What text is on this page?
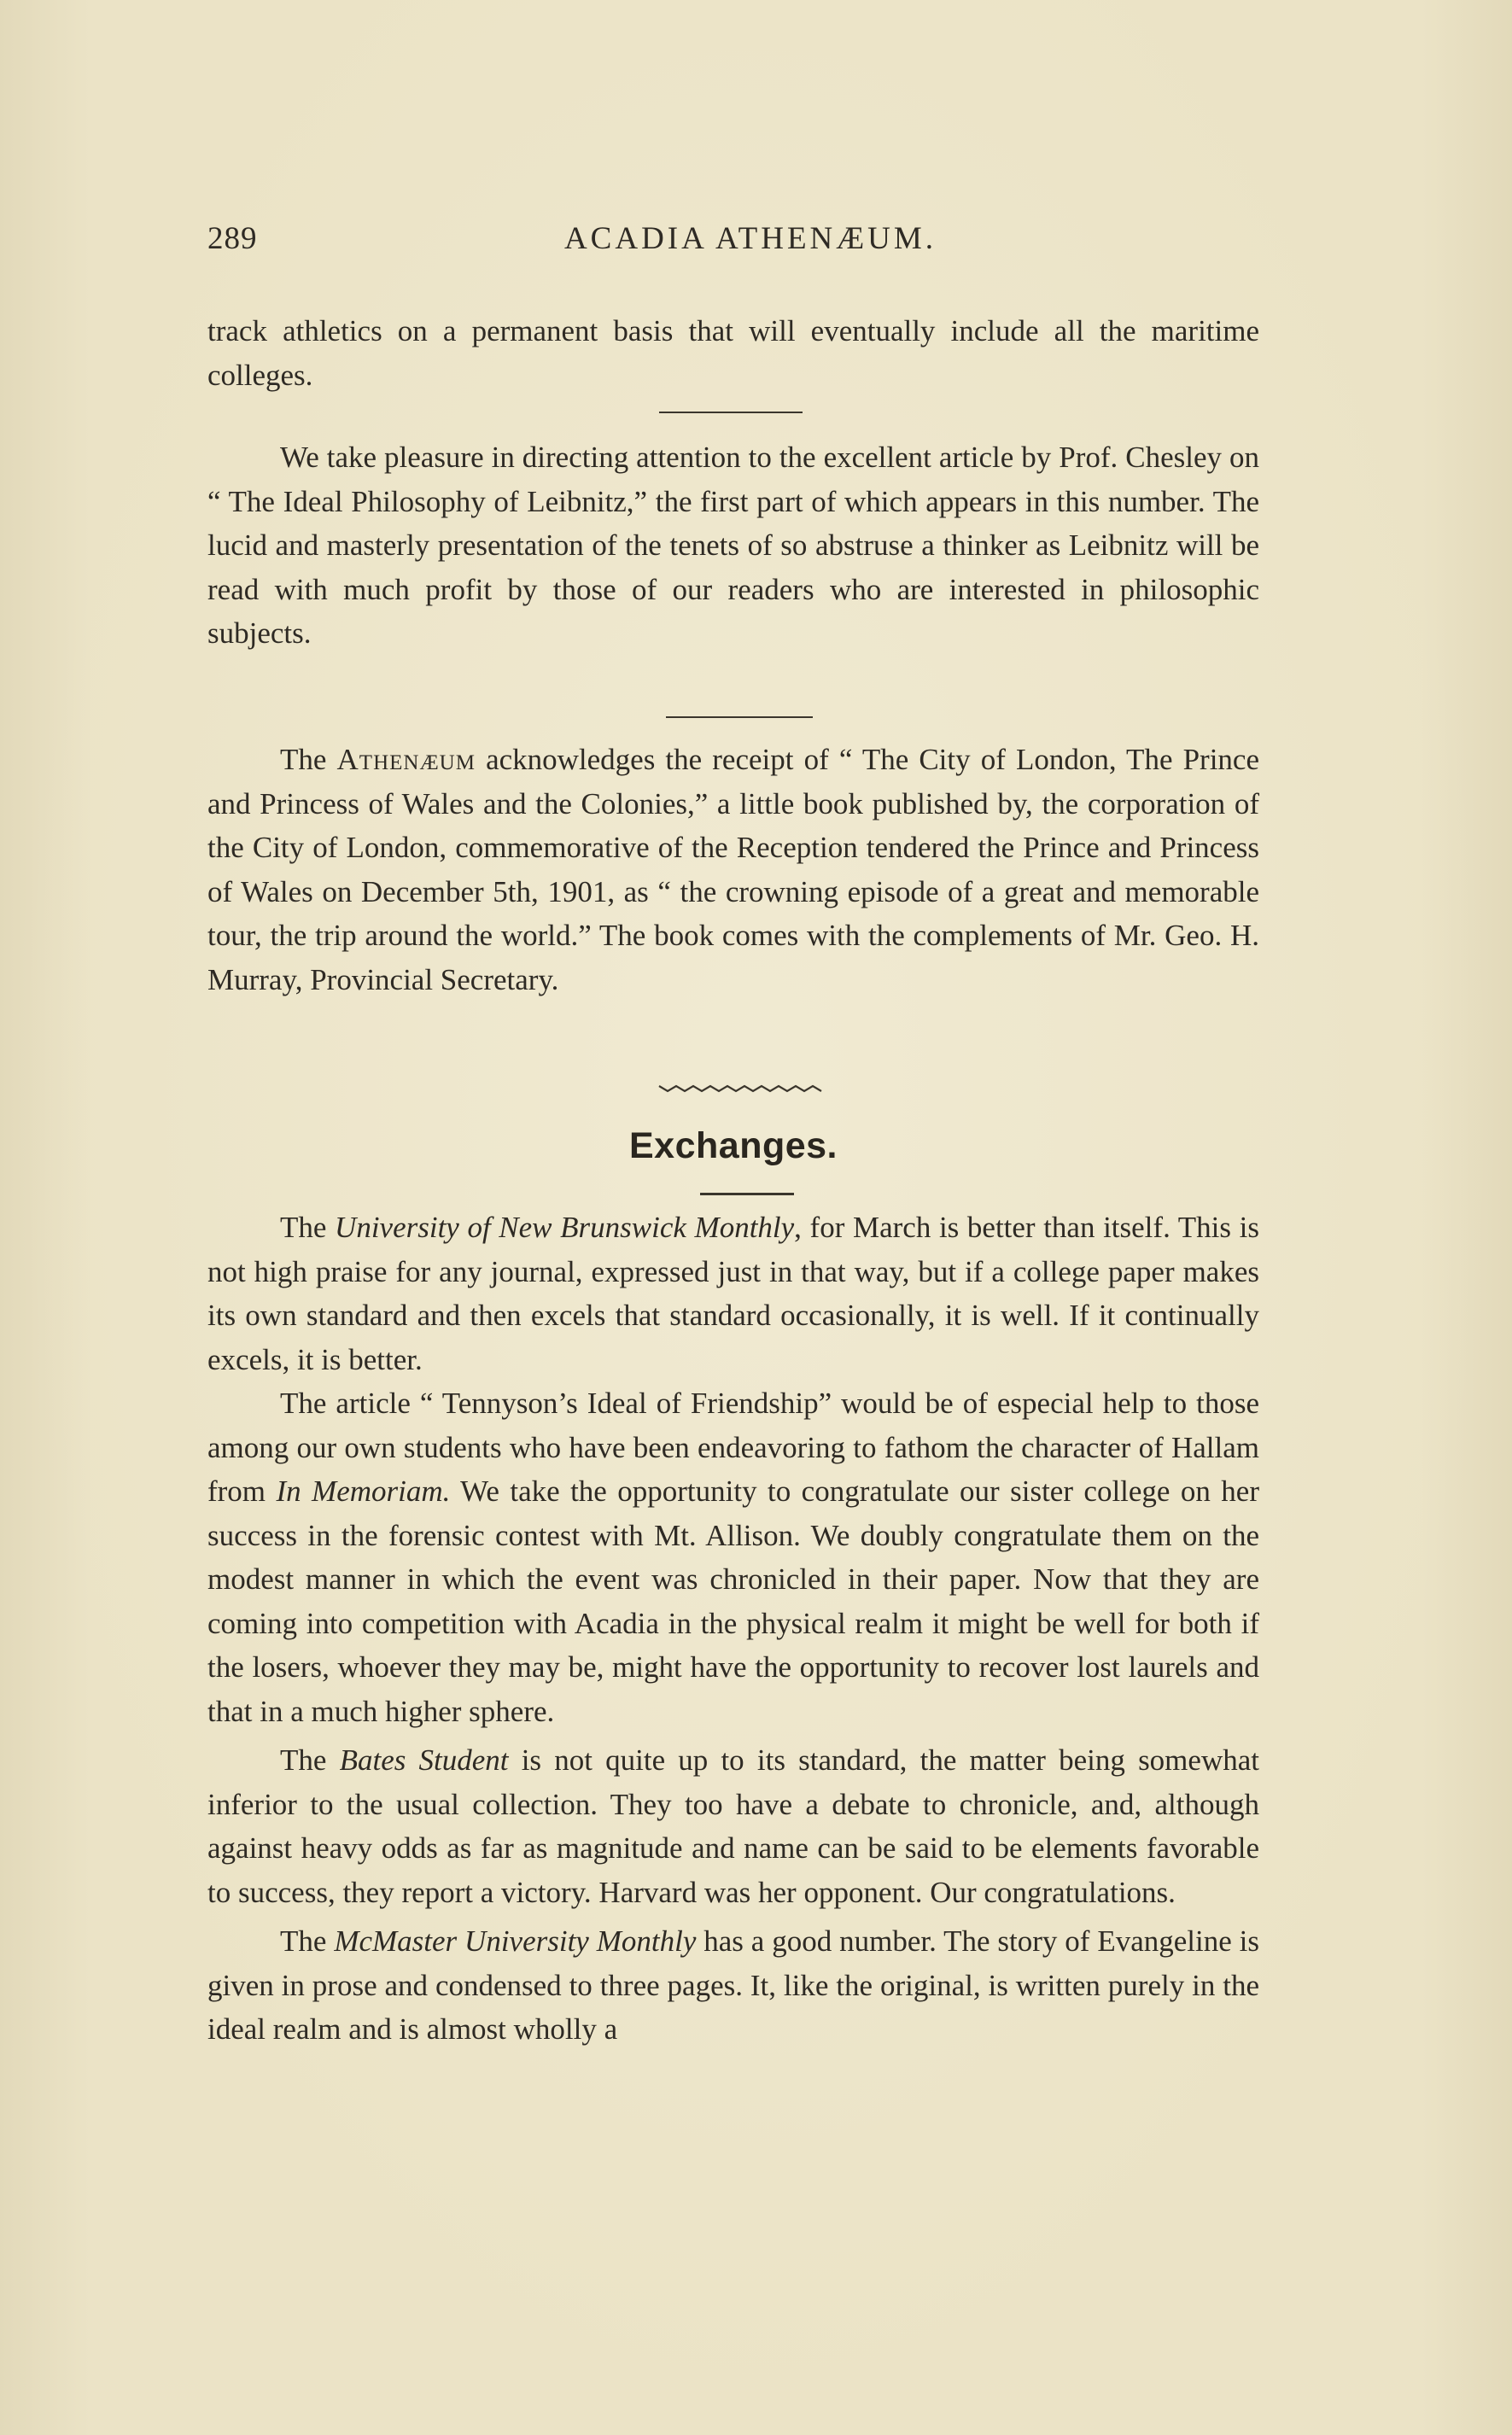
289	ACADIA ATHENÆUM.

track athletics on a permanent basis that will eventually include all the maritime colleges.

We take pleasure in directing attention to the excellent article by Prof. Chesley on “ The Ideal Philosophy of Leibnitz,” the first part of which appears in this number. The lucid and masterly presentation of the tenets of so abstruse a thinker as Leibnitz will be read with much profit by those of our readers who are interested in philosophic subjects.

The Athenæum acknowledges the receipt of “ The City of London, The Prince and Princess of Wales and the Colonies,” a little book published by, the corporation of the City of London, commemorative of the Reception tendered the Prince and Princess of Wales on December 5th, 1901, as “ the crowning episode of a great and memorable tour, the trip around the world.” The book comes with the complements of Mr. Geo. H. Murray, Provincial Secretary.

Exchanges.

The University of New Brunswick Monthly, for March is better than itself. This is not high praise for any journal, expressed just in that way, but if a college paper makes its own standard and then excels that standard occasionally, it is well. If it continually excels, it is better.

The article “ Tennyson’s Ideal of Friendship” would be of especial help to those among our own students who have been endeavoring to fathom the character of Hallam from In Memoriam. We take the opportunity to congratulate our sister college on her success in the forensic contest with Mt. Allison. We doubly congratulate them on the modest manner in which the event was chronicled in their paper. Now that they are coming into competition with Acadia in the physical realm it might be well for both if the losers, whoever they may be, might have the opportunity to recover lost laurels and that in a much higher sphere.

The Bates Student is not quite up to its standard, the matter being somewhat inferior to the usual collection. They too have a debate to chronicle, and, although against heavy odds as far as magnitude and name can be said to be elements favorable to success, they report a victory. Harvard was her opponent. Our congratulations.

The McMaster University Monthly has a good number. The story of Evangeline is given in prose and condensed to three pages. It, like the original, is written purely in the ideal realm and is almost wholly a
